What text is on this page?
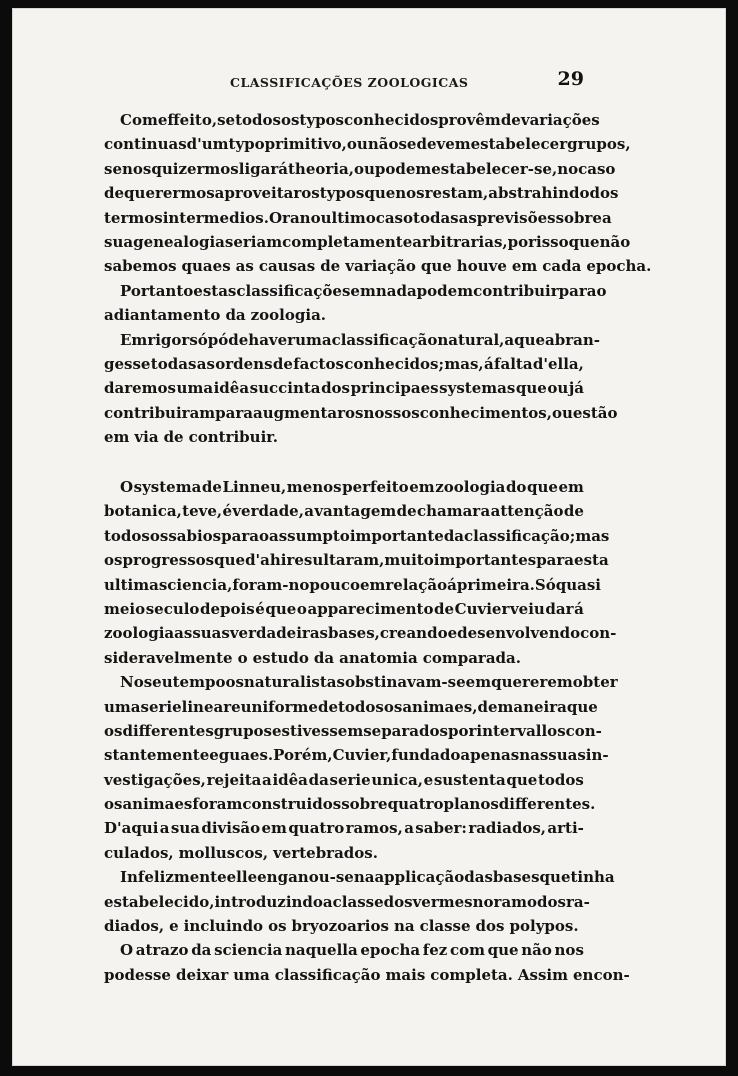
CLASSIFICAÇÕES ZOOLOGICAS	29
Com effeito, se todos os typos conhecidos provêm de variações
continuas d'um typo primitivo, ou não se devem estabelecer grupos,
se nos quizermos ligar á theoria, ou podem estabelecer-se, no caso
de querermos aproveitar os typos que nos restam, abstrahindo dos
termos intermedios. Ora no ultimo caso todas as previsões sobre a
sua genealogia seriam completamente arbitrarias, por isso que não
sabemos quaes as causas de variação que houve em cada epocha.
Portanto estas classificações em nada podem contribuir para o
adiantamento da zoologia.
Em rigor só póde haver uma classificação natural, a que abran-
gesse todas as ordens de factos conhecidos; mas, á falta d'ella,
daremos uma idêa succinta dos principaes systemas que ou já
contribuiram para augmentar os nossos conhecimentos, ou estão
em via de contribuir.
O systema de Linneu, menos perfeito em zoologia do que em
botanica, teve, é verdade, a vantagem de chamar a attenção de
todos os sabios para o assumpto importante da classificação; mas
os progressos que d'ahi resultaram, muito importantes para esta
ultima sciencia, foram-no pouco em relação á primeira. Só quasi
meio seculo depois é que o apparecimento de Cuvier veiu dar á
zoologia as suas verdadeiras bases, creando e desenvolvendo con-
sideravelmente o estudo da anatomia comparada.
No seu tempo os naturalistas obstinavam-se em quererem obter
uma serie linear e uniforme de todos os animaes, de maneira que
os differentes grupos estivessem separados por intervallos con-
stantemente eguaes. Porém, Cuvier, fundado apenas nas suas in-
vestigações, rejeita a idêa da serie unica, e sustenta que todos
os animaes foram construidos sobre quatro planos differentes.
D'aqui a sua divisão em quatro ramos, a saber: radiados, arti-
culados, molluscos, vertebrados.
Infelizmente elle enganou-se na applicação das bases que tinha
estabelecido, introduzindo a classe dos vermes no ramo dos ra-
diados, e incluindo os bryozoarios na classe dos polypos.
O atrazo da sciencia naquella epocha fez com que não nos
podesse deixar uma classificação mais completa. Assim encon-
